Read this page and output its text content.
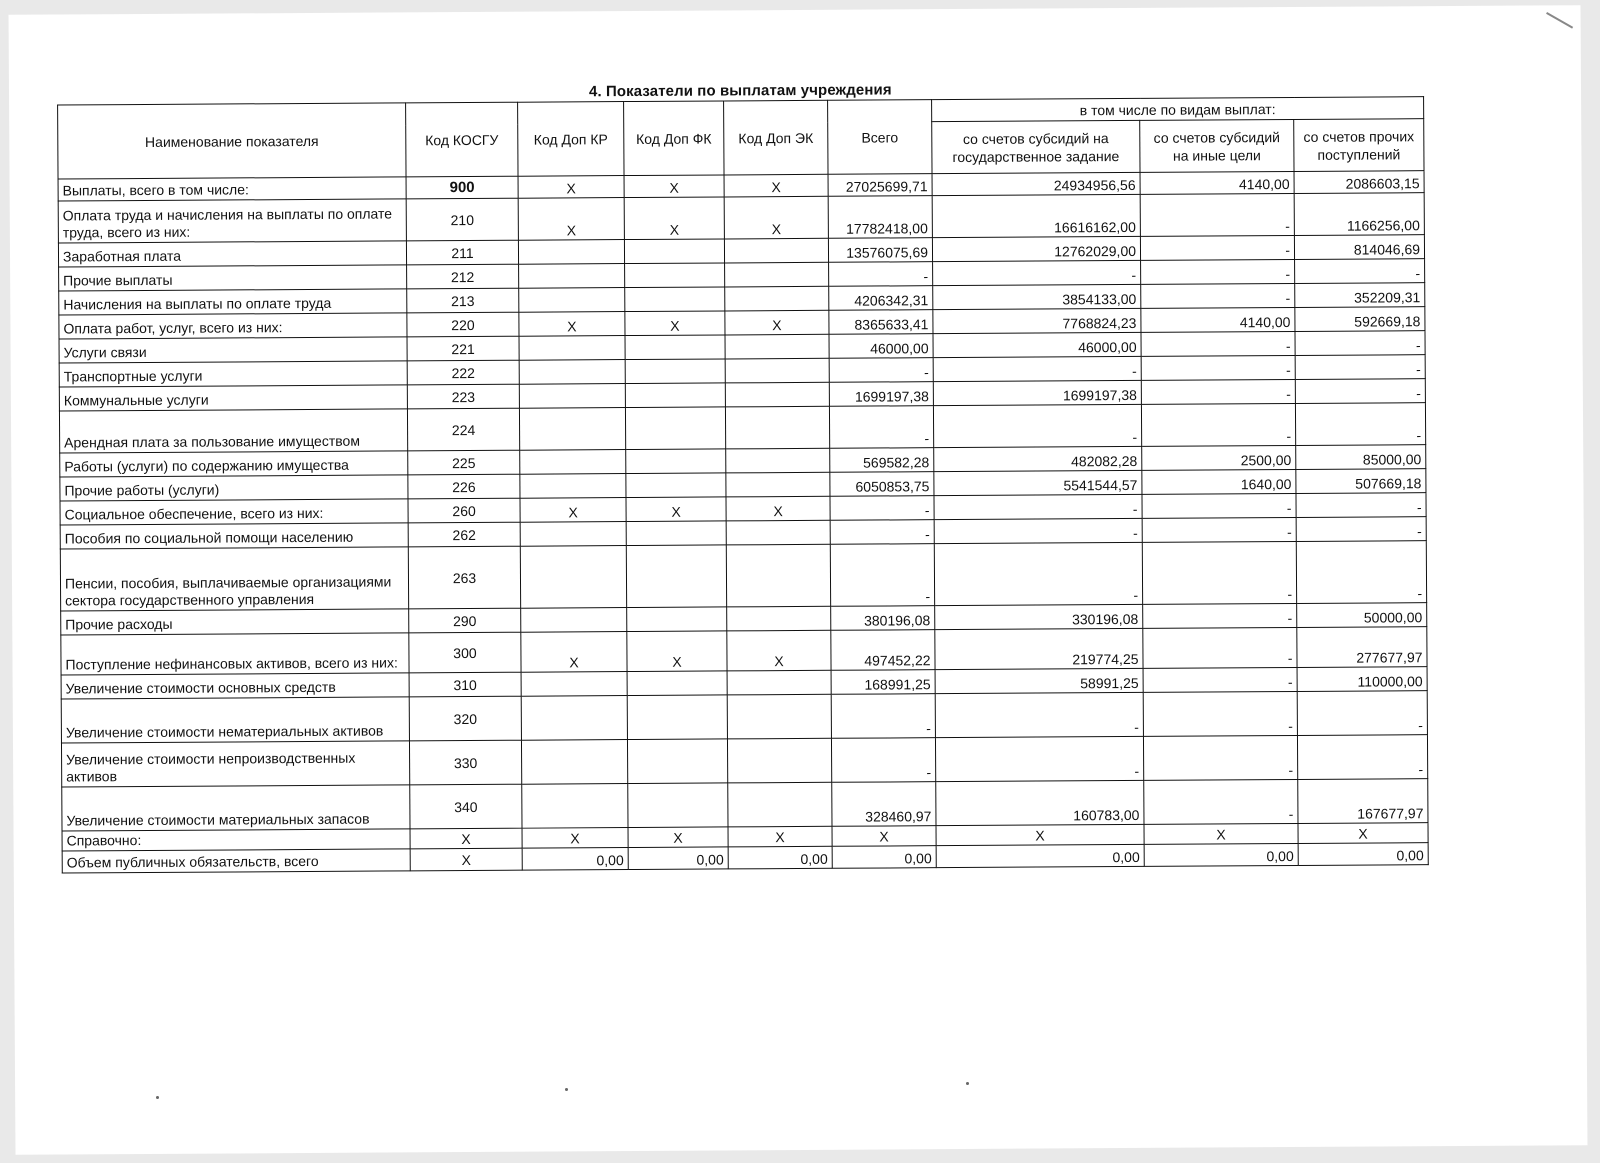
4. Показатели по выплатам учреждения
Наименование показателя	Код КОСГУ	Код Доп КР	Код Доп ФК	Код Доп ЭК	Всего	в том числе по видам выплат:		
						со счетов субсидий на государственное задание	со счетов субсидий на иные цели	со счетов прочих поступлений
Выплаты, всего в том числе:	900	Х	Х	Х	27025699,71	24934956,56	4140,00	2086603,15
Оплата труда и начисления на выплаты по оплате труда, всего из них:	210	Х	Х	Х	17782418,00	16616162,00	-	1166256,00
Заработная плата	211				13576075,69	12762029,00	-	814046,69
Прочие выплаты	212				-	-	-	-
Начисления на выплаты по оплате труда	213				4206342,31	3854133,00	-	352209,31
Оплата работ, услуг, всего из них:	220	Х	Х	Х	8365633,41	7768824,23	4140,00	592669,18
Услуги связи	221				46000,00	46000,00	-	-
Транспортные услуги	222				-	-	-	-
Коммунальные услуги	223				1699197,38	1699197,38	-	-
Арендная плата за пользование имуществом	224				-	-	-	-
Работы (услуги) по содержанию имущества	225				569582,28	482082,28	2500,00	85000,00
Прочие работы (услуги)	226				6050853,75	5541544,57	1640,00	507669,18
Социальное обеспечение, всего из них:	260	Х	Х	Х	-	-	-	-
Пособия по социальной помощи населению	262				-	-	-	-
Пенсии, пособия, выплачиваемые организациями сектора государственного управления	263				-	-	-	-
Прочие расходы	290				380196,08	330196,08	-	50000,00
Поступление нефинансовых активов, всего из них:	300	Х	Х	Х	497452,22	219774,25	-	277677,97
Увеличение стоимости основных средств	310				168991,25	58991,25	-	110000,00
Увеличение стоимости нематериальных активов	320				-	-	-	-
Увеличение стоимости непроизводственных активов	330				-	-	-	-
Увеличение стоимости материальных запасов	340				328460,97	160783,00	-	167677,97
Справочно:	Х	Х	Х	Х	Х	Х	Х	Х
Объем публичных обязательств, всего	Х	0,00	0,00	0,00	0,00	0,00	0,00	0,00
